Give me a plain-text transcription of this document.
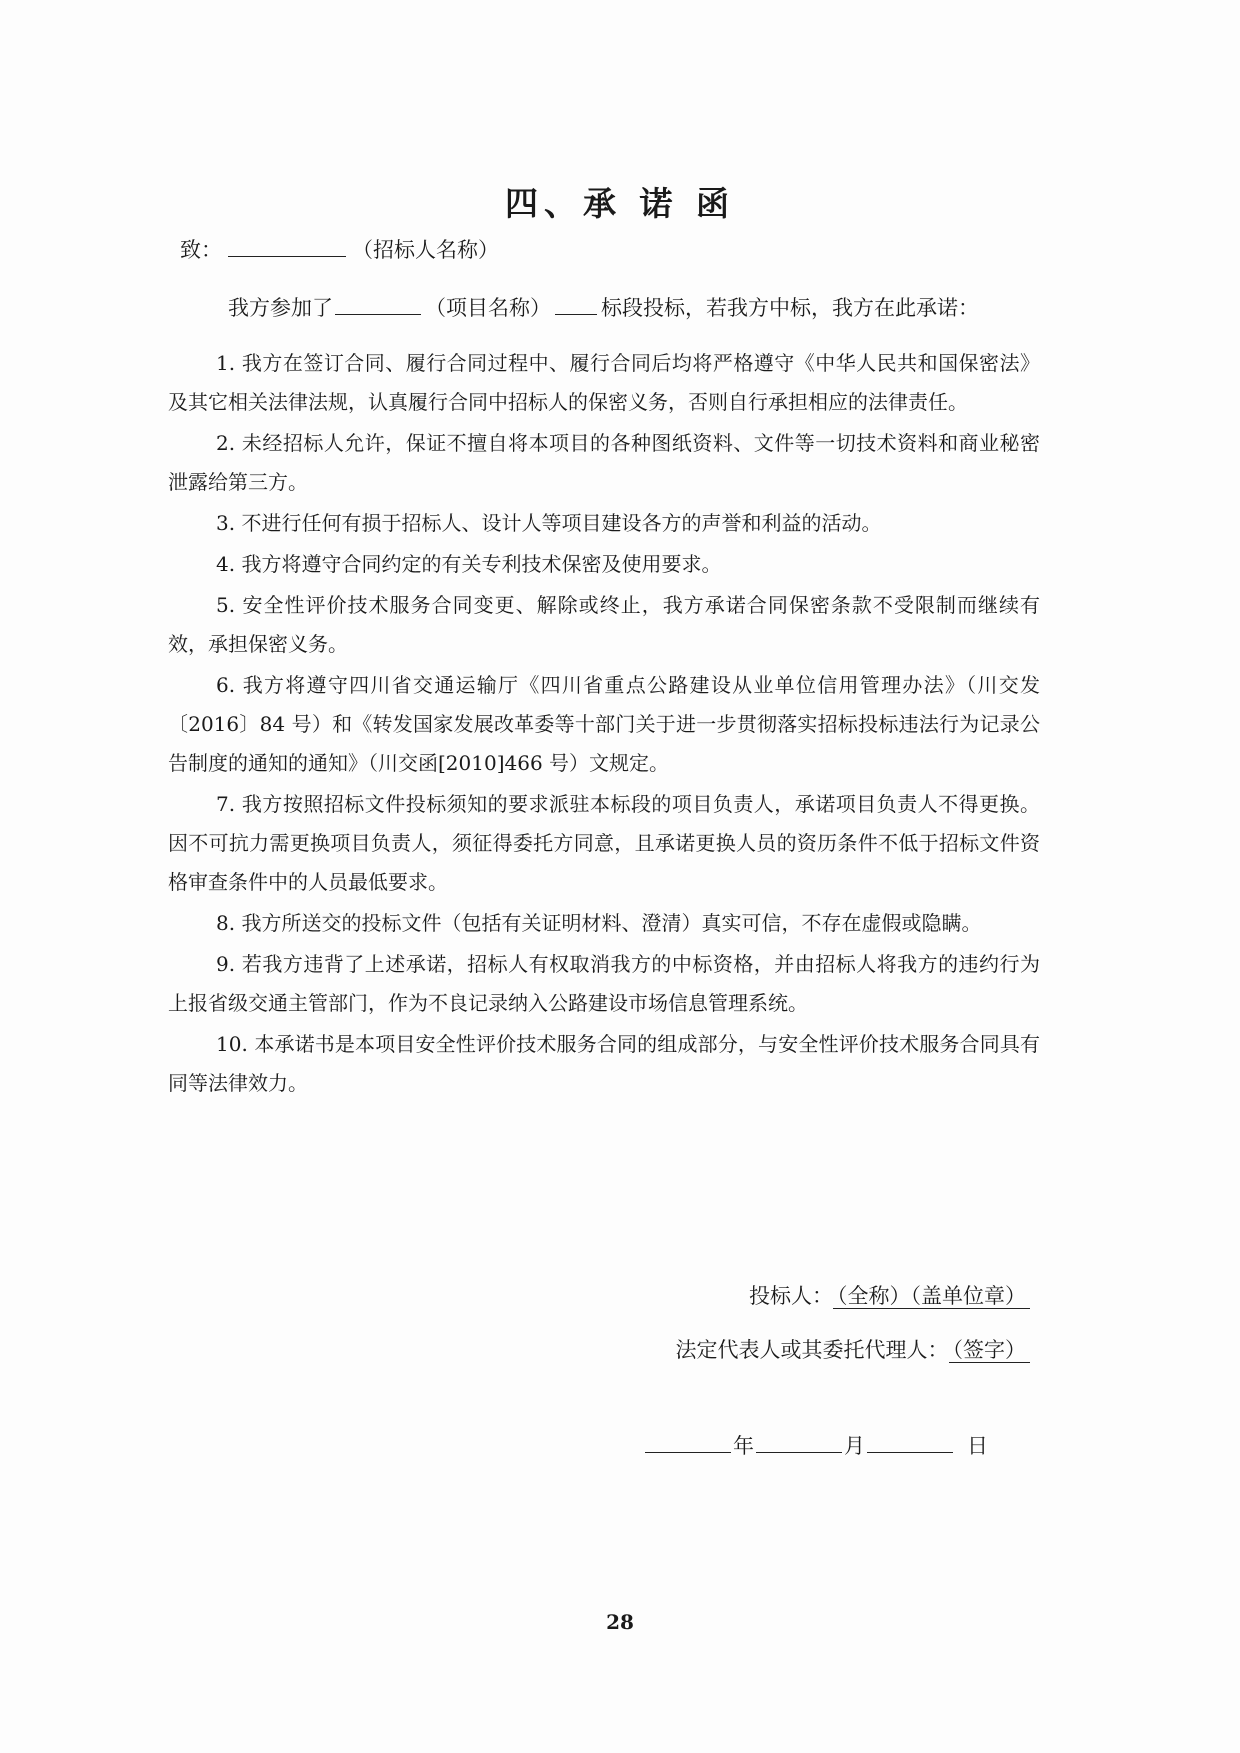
四、承 诺 函
致：	（招标人名称）
我方参加了	（项目名称） 标段投标，若我方中标，我方在此承诺：

1. 我方在签订合同、履行合同过程中、履行合同后均将严格遵守《中华人民共和国保密法》及其它相关法律法规，认真履行合同中招标人的保密义务，否则自行承担相应的法律责任。

2. 未经招标人允许，保证不擅自将本项目的各种图纸资料、文件等一切技术资料和商业秘密泄露给第三方。

3. 不进行任何有损于招标人、设计人等项目建设各方的声誉和利益的活动。

4. 我方将遵守合同约定的有关专利技术保密及使用要求。

5. 安全性评价技术服务合同变更、解除或终止，我方承诺合同保密条款不受限制而继续有效，承担保密义务。

6. 我方将遵守四川省交通运输厅《四川省重点公路建设从业单位信用管理办法》（川交发〔2016〕84 号）和《转发国家发展改革委等十部门关于进一步贯彻落实招标投标违法行为记录公告制度的通知的通知》（川交函[2010]466 号）文规定。

7. 我方按照招标文件投标须知的要求派驻本标段的项目负责人，承诺项目负责人不得更换。因不可抗力需更换项目负责人，须征得委托方同意，且承诺更换人员的资历条件不低于招标文件资格审查条件中的人员最低要求。

8. 我方所送交的投标文件（包括有关证明材料、澄清）真实可信，不存在虚假或隐瞒。

9. 若我方违背了上述承诺，招标人有权取消我方的中标资格，并由招标人将我方的违约行为上报省级交通主管部门，作为不良记录纳入公路建设市场信息管理系统。

10. 本承诺书是本项目安全性评价技术服务合同的组成部分，与安全性评价技术服务合同具有同等法律效力。

投标人： （全称）（盖单位章）
法定代表人或其委托代理人： （签字）
年	月	日
28
